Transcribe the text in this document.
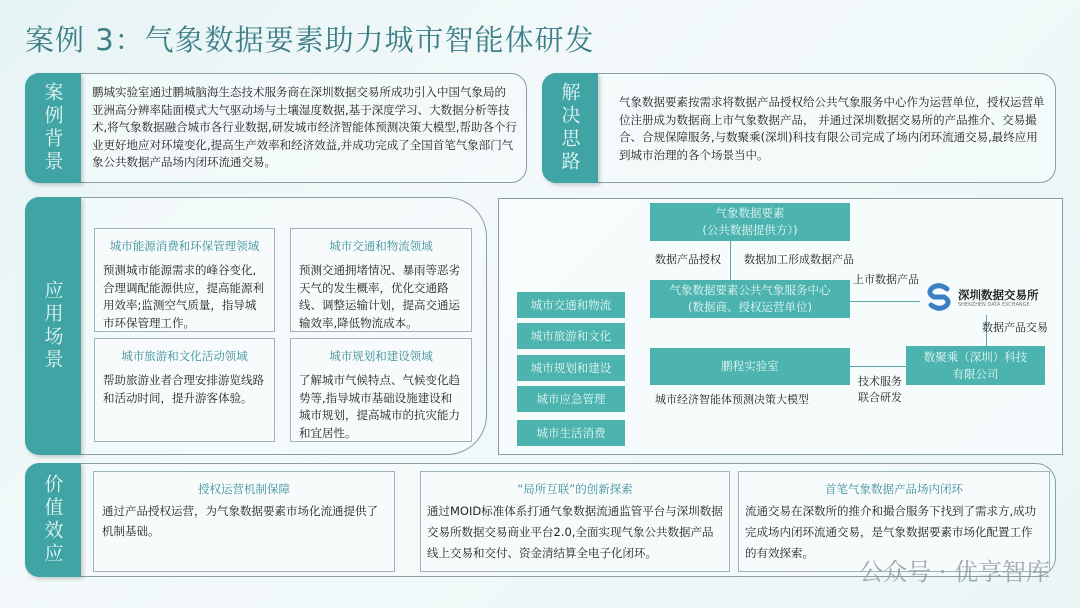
案例 3：气象数据要素助力城市智能体研发
案例背景	鹏城实验室通过鹏城脑海生态技术服务商在深圳数据交易所成功引入中国气象局的亚洲高分辨率陆面模式大气驱动场与土壤湿度数据,基于深度学习、大数据分析等技术,将气象数据融合城市各行业数据,研发城市经济智能体预测决策大模型,帮助各个行业更好地应对环境变化,提高生产效率和经济效益,并成功完成了全国首笔气象部门气象公共数据产品场内闭环流通交易。	解决思路	气象数据要素按需求将数据产品授权给公共气象服务中心作为运营单位，授权运营单位注册成为数据商上市气象数据产品， 并通过深圳数据交易所的产品推介、交易撮合、合规保障服务,与数聚乘(深圳)科技有限公司完成了场内闭环流通交易,最终应用到城市治理的各个场景当中。
应用场景
城市能源消费和环保管理领域
预测城市能源需求的峰谷变化,合理调配能源供应，提高能源利用效率;监测空气质量，指导城市环保管理工作。
城市交通和物流领域
预测交通拥堵情况、暴雨等恶劣天气的发生概率，优化交通路线、调整运输计划，提高交通运输效率,降低物流成本。
城市旅游和文化活动领域
帮助旅游业者合理安排游览线路和活动时间，提升游客体验。
城市规划和建设领域
了解城市气候特点、气候变化趋势等,指导城市基础设施建设和城市规划，提高城市的抗灾能力和宜居性。
城市交通和物流
城市旅游和文化
城市规划和建设
城市应急管理
城市生活消费
气象数据要素
(公共数据提供方）)
数据产品授权 数据加工形成数据产品
气象数据要素公共气象服务中心
(数据商、授权运营单位)
上市数据产品
深圳数据交易所
SHENZHEN DATA EXCHANGE
数据产品交易
数聚乘（深圳）科技
有限公司
鹏程实验室
技术服务
联合研发
城市经济智能体预测决策大模型
价值效应	授权运营机制保障
通过产品授权运营，为气象数据要素市场化流通提供了机制基础。
“局所互联”的创新探索
通过MOID标准体系打通气象数据流通监管平台与深圳数据交易所数据交易商业平台2.0,全面实现气象公共数据产品线上交易和交付、资金清结算全电子化闭环。
首笔气象数据产品场内闭环
流通交易在深数所的推介和撮合服务下找到了需求方,成功完成场内闭环流通交易，是气象数据要素市场化配置工作的有效探索。
公众号 · 优享智库
